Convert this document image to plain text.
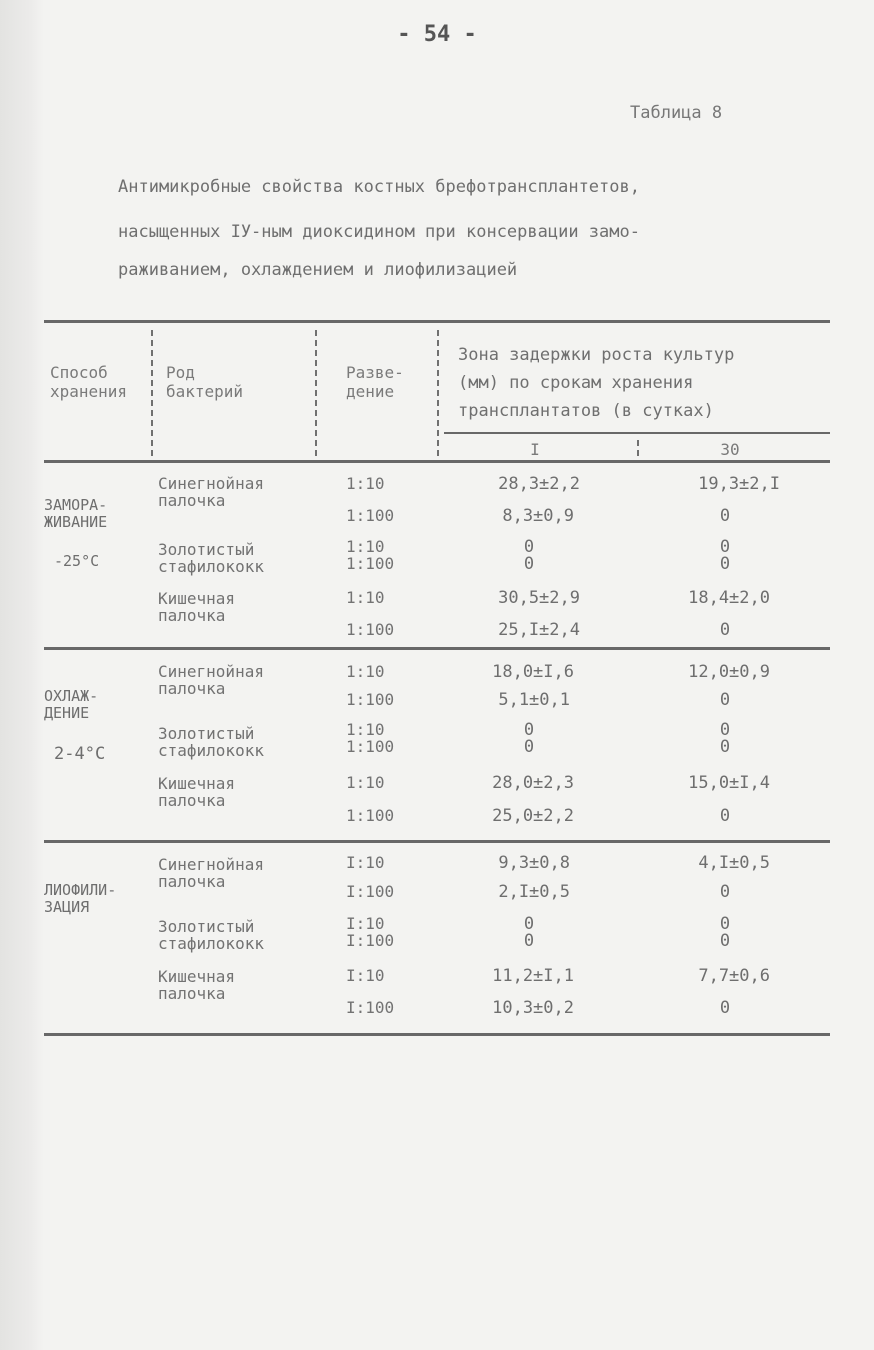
- 54 -
Таблица 8
Антимикробные свойства костных брефотрансплантетов,
насыщенных IУ-ным диоксидином при консервации замо-
раживанием, охлаждением и лиофилизацией
Способ
хранения
Род
бактерий
Разве-
дение
Зона задержки роста культур
(мм) по срокам хранения
трансплантатов (в сутках)
I	30
ЗАМОРА-
ЖИВАНИЕ
-25°C
Синегнойная
палочка
Золотистый
стафилококк
Кишечная
палочка
1:10
1:100
1:10
1:100
1:10
1:100
28,3±2,2
8,3±0,9
0
0
30,5±2,9
25,I±2,4
19,3±2,I
0
0
0
18,4±2,0
0
ОХЛАЖ-
ДЕНИЕ
2-4°C
Синегнойная
палочка
Золотистый
стафилококк
Кишечная
палочка
1:10
1:100
1:10
1:100
1:10
1:100
18,0±I,6
5,1±0,1
0
0
28,0±2,3
25,0±2,2
12,0±0,9
0
0
0
15,0±I,4
0
ЛИОФИЛИ-
ЗАЦИЯ
Синегнойная
палочка
Золотистый
стафилококк
Кишечная
палочка
I:10
I:100
I:10
I:100
I:10
I:100
9,3±0,8
2,I±0,5
0
0
11,2±I,1
10,3±0,2
4,I±0,5
0
0
0
7,7±0,6
0
